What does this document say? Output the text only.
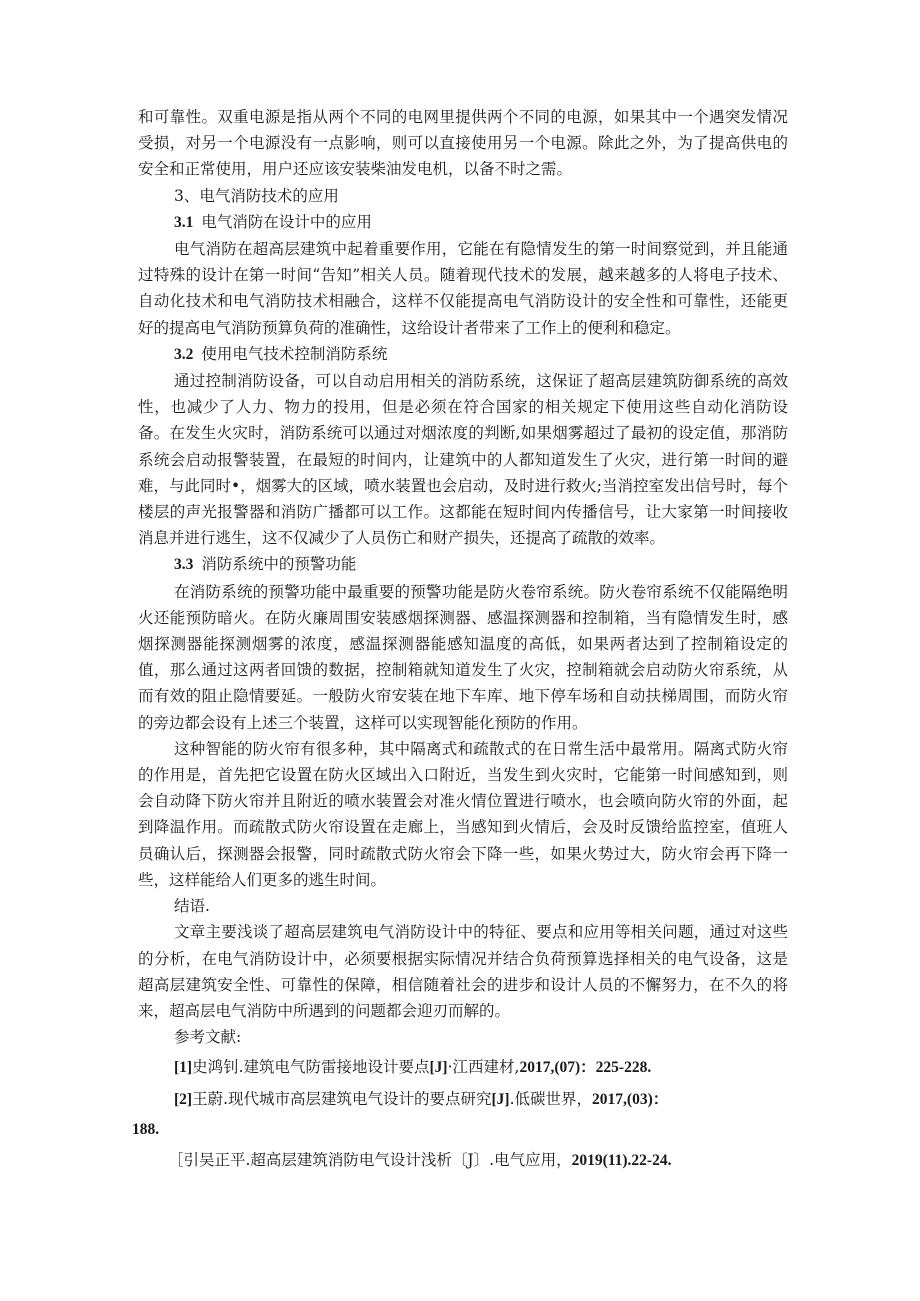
和可靠性。双重电源是指从两个不同的电网里提供两个不同的电源，如果其中一个遇突发情况受损，对另一个电源没有一点影响，则可以直接使用另一个电源。除此之外，为了提高供电的安全和正常使用，用户还应该安装柴油发电机，以备不时之需。

3、电气消防技术的应用
3.1 电气消防在设计中的应用

电气消防在超高层建筑中起着重要作用，它能在有隐情发生的第一时间察觉到，并且能通过特殊的设计在第一时间“告知”相关人员。随着现代技术的发展，越来越多的人将电子技术、自动化技术和电气消防技术相融合，这样不仅能提高电气消防设计的安全性和可靠性，还能更好的提高电气消防预算负荷的准确性，这给设计者带来了工作上的便利和稳定。

3.2 使用电气技术控制消防系统

通过控制消防设备，可以自动启用相关的消防系统，这保证了超高层建筑防御系统的高效性，也减少了人力、物力的投用，但是必须在符合国家的相关规定下使用这些自动化消防设备。在发生火灾时，消防系统可以通过对烟浓度的判断,如果烟雾超过了最初的设定值，那消防系统会启动报警装置，在最短的时间内，让建筑中的人都知道发生了火灾，进行第一时间的避难，与此同时•，烟雾大的区域，喷水装置也会启动，及时进行救火;当消控室发出信号时，每个楼层的声光报警器和消防广播都可以工作。这都能在短时间内传播信号，让大家第一时间接收消息并进行逃生，这不仅减少了人员伤亡和财产损失，还提高了疏散的效率。

3.3 消防系统中的预警功能

在消防系统的预警功能中最重要的预警功能是防火卷帘系统。防火卷帘系统不仅能隔绝明火还能预防暗火。在防火廉周围安装感烟探测器、感温探测器和控制箱，当有隐情发生时，感烟探测器能探测烟雾的浓度，感温探测器能感知温度的高低，如果两者达到了控制箱设定的值，那么通过这两者回馈的数据，控制箱就知道发生了火灾，控制箱就会启动防火帘系统，从而有效的阻止隐情要延。一般防火帘安装在地下车库、地下停车场和自动扶梯周围，而防火帘的旁边都会设有上述三个装置，这样可以实现智能化预防的作用。

这种智能的防火帘有很多种，其中隔离式和疏散式的在日常生活中最常用。隔离式防火帘的作用是，首先把它设置在防火区域出入口附近，当发生到火灾时，它能第一时间感知到，则会自动降下防火帘并且附近的喷水装置会对准火情位置进行喷水，也会喷向防火帘的外面，起到降温作用。而疏散式防火帘设置在走廊上，当感知到火情后，会及时反馈给监控室，值班人员确认后，探测器会报警，同时疏散式防火帘会下降一些，如果火势过大，防火帘会再下降一些，这样能给人们更多的逃生时间。

结语.

文章主要浅谈了超高层建筑电气消防设计中的特征、要点和应用等相关问题，通过对这些的分析，在电气消防设计中，必须要根据实际情况并结合负荷预算选择相关的电气设备，这是超高层建筑安全性、可靠性的保障，相信随着社会的进步和设计人员的不懈努力，在不久的将来，超高层电气消防中所遇到的问题都会迎刃而解的。

参考文献:
[1]史鸿钊.建筑电气防雷接地设计要点[J]·江西建材,2017,(07)：225-228.
[2]王蔚.现代城市高层建筑电气设计的要点研究[J].低碳世界，2017,(03)：
188.
［引吴正平.超高层建筑消防电气设计浅析〔J〕.电气应用，2019(11).22-24.
